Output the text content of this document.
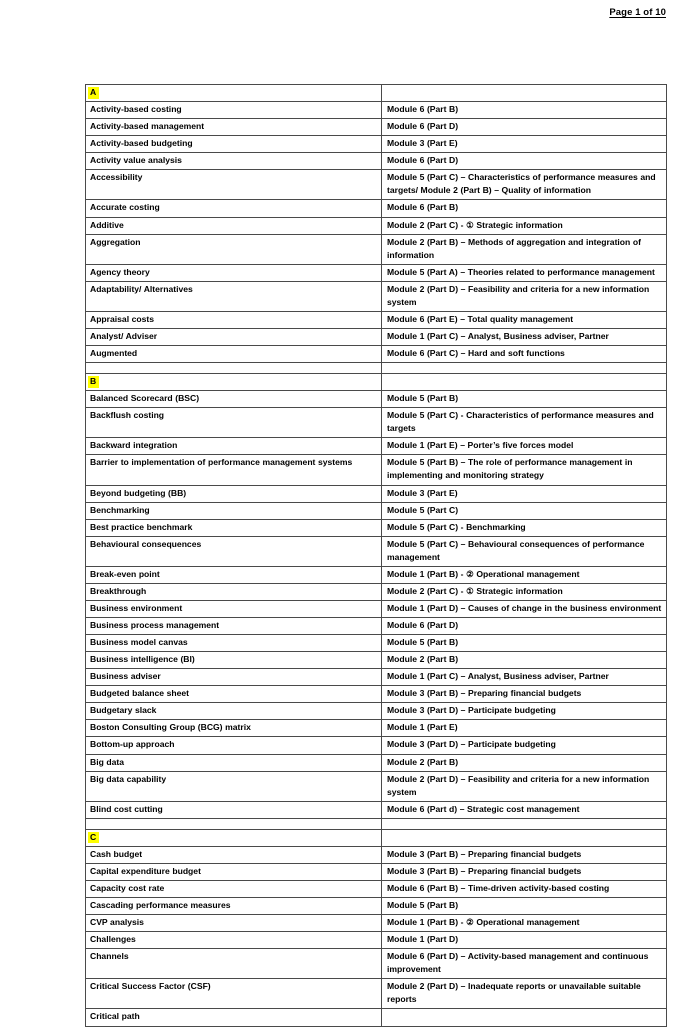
Page 1 of 10
A	
Activity-based costing	Module 6 (Part B)
Activity-based management	Module 6 (Part D)
Activity-based budgeting	Module 3 (Part E)
Activity value analysis	Module 6 (Part D)
Accessibility	Module 5 (Part C) – Characteristics of performance measures and targets/ Module 2 (Part B) – Quality of information
Accurate costing	Module 6 (Part B)
Additive	Module 2 (Part C) - ① Strategic information
Aggregation	Module 2 (Part B) – Methods of aggregation and integration of information
Agency theory	Module 5 (Part A) – Theories related to performance management
Adaptability/ Alternatives	Module 2 (Part D) – Feasibility and criteria for a new information system
Appraisal costs	Module 6 (Part E) – Total quality management
Analyst/ Adviser	Module 1 (Part C) – Analyst, Business adviser, Partner
Augmented	Module 6 (Part C) – Hard and soft functions

B	
Balanced Scorecard (BSC)	Module 5 (Part B)
Backflush costing	Module 5 (Part C) - Characteristics of performance measures and targets
Backward integration	Module 1 (Part E) – Porter’s five forces model
Barrier to implementation of performance management systems	Module 5 (Part B) – The role of performance management in implementing and monitoring strategy
Beyond budgeting (BB)	Module 3 (Part E)
Benchmarking	Module 5 (Part C)
Best practice benchmark	Module 5 (Part C) - Benchmarking
Behavioural consequences	Module 5 (Part C) – Behavioural consequences of performance management
Break-even point	Module 1 (Part B) - ② Operational management
Breakthrough	Module 2 (Part C) - ① Strategic information
Business environment	Module 1 (Part D) – Causes of change in the business environment
Business process management	Module 6 (Part D)
Business model canvas	Module 5 (Part B)
Business intelligence (BI)	Module 2 (Part B)
Business adviser	Module 1 (Part C) – Analyst, Business adviser, Partner
Budgeted balance sheet	Module 3 (Part B) – Preparing financial budgets
Budgetary slack	Module 3 (Part D) – Participate budgeting
Boston Consulting Group (BCG) matrix	Module 1 (Part E)
Bottom-up approach	Module 3 (Part D) – Participate budgeting
Big data	Module 2 (Part B)
Big data capability	Module 2 (Part D) – Feasibility and criteria for a new information system
Blind cost cutting	Module 6 (Part d) – Strategic cost management

C	
Cash budget	Module 3 (Part B) – Preparing financial budgets
Capital expenditure budget	Module 3 (Part B) – Preparing financial budgets
Capacity cost rate	Module 6 (Part B) – Time-driven activity-based costing
Cascading performance measures	Module 5 (Part B)
CVP analysis	Module 1 (Part B) - ② Operational management
Challenges	Module 1 (Part D)
Channels	Module 6 (Part D) – Activity-based management and continuous improvement
Critical Success Factor (CSF)	Module 2 (Part D) – Inadequate reports or unavailable suitable reports
Critical path	
